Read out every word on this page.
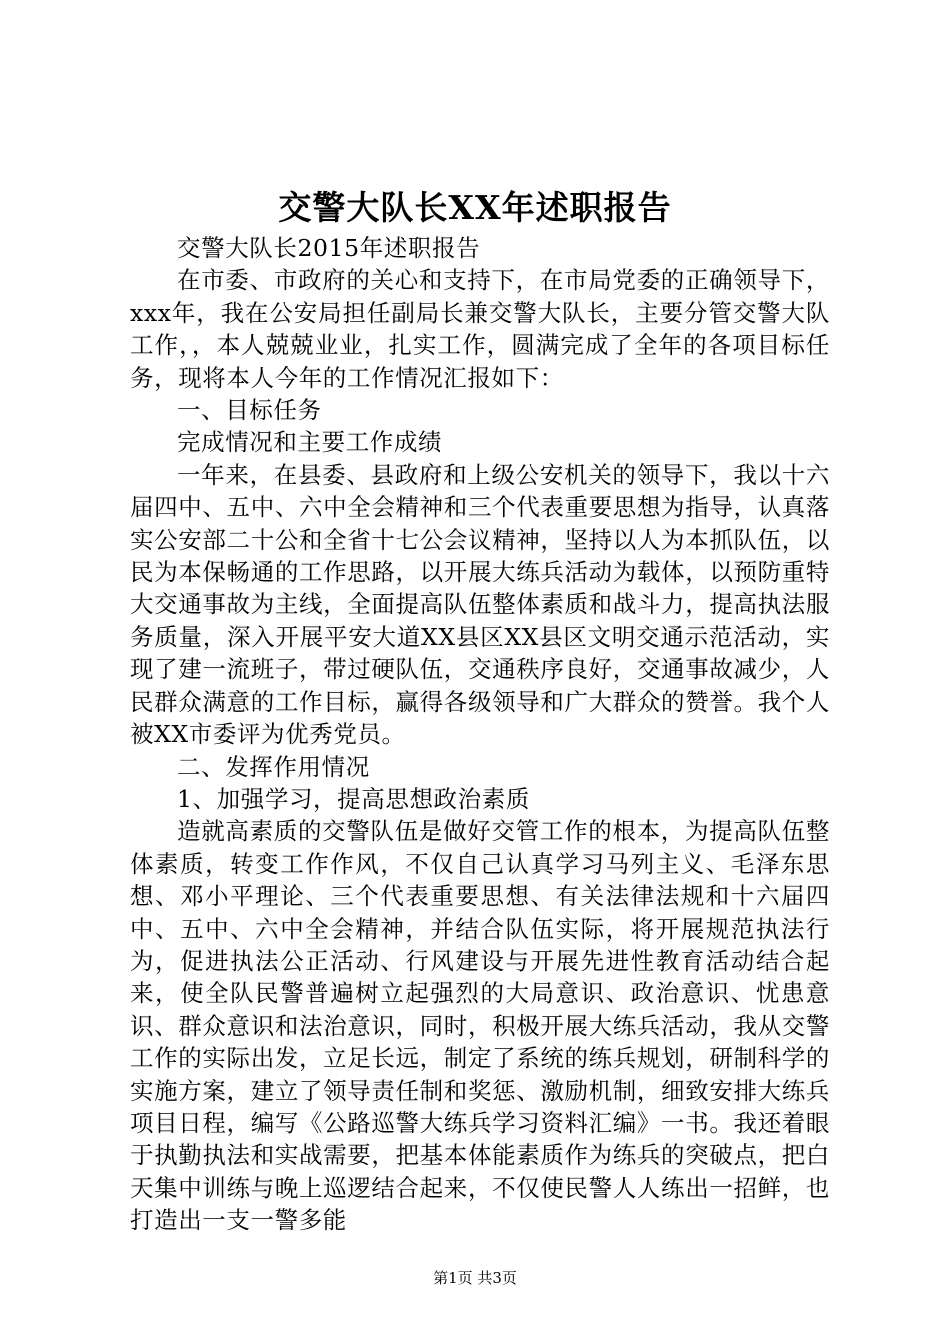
交警大队长XX年述职报告

交警大队长2015年述职报告

在市委、市政府的关心和支持下，在市局党委的正确领导下，xxx年，我在公安局担任副局长兼交警大队长，主要分管交警大队工作，，本人兢兢业业，扎实工作，圆满完成了全年的各项目标任务，现将本人今年的工作情况汇报如下：

一、目标任务

完成情况和主要工作成绩

一年来，在县委、县政府和上级公安机关的领导下，我以十六届四中、五中、六中全会精神和三个代表重要思想为指导，认真落实公安部二十公和全省十七公会议精神，坚持以人为本抓队伍，以民为本保畅通的工作思路，以开展大练兵活动为载体，以预防重特大交通事故为主线，全面提高队伍整体素质和战斗力，提高执法服务质量，深入开展平安大道XX县区XX县区文明交通示范活动，实现了建一流班子，带过硬队伍，交通秩序良好，交通事故减少，人民群众满意的工作目标，赢得各级领导和广大群众的赞誉。我个人被XX市委评为优秀党员。

二、发挥作用情况

1、加强学习，提高思想政治素质

造就高素质的交警队伍是做好交管工作的根本，为提高队伍整体素质，转变工作作风，不仅自己认真学习马列主义、毛泽东思想、邓小平理论、三个代表重要思想、有关法律法规和十六届四中、五中、六中全会精神，并结合队伍实际，将开展规范执法行为，促进执法公正活动、行风建设与开展先进性教育活动结合起来，使全队民警普遍树立起强烈的大局意识、政治意识、忧患意识、群众意识和法治意识，同时，积极开展大练兵活动，我从交警工作的实际出发，立足长远，制定了系统的练兵规划，研制科学的实施方案，建立了领导责任制和奖惩、激励机制，细致安排大练兵项目日程，编写《公路巡警大练兵学习资料汇编》一书。我还着眼于执勤执法和实战需要，把基本体能素质作为练兵的突破点，把白天集中训练与晚上巡逻结合起来，不仅使民警人人练出一招鲜，也打造出一支一警多能

第1页 共3页
